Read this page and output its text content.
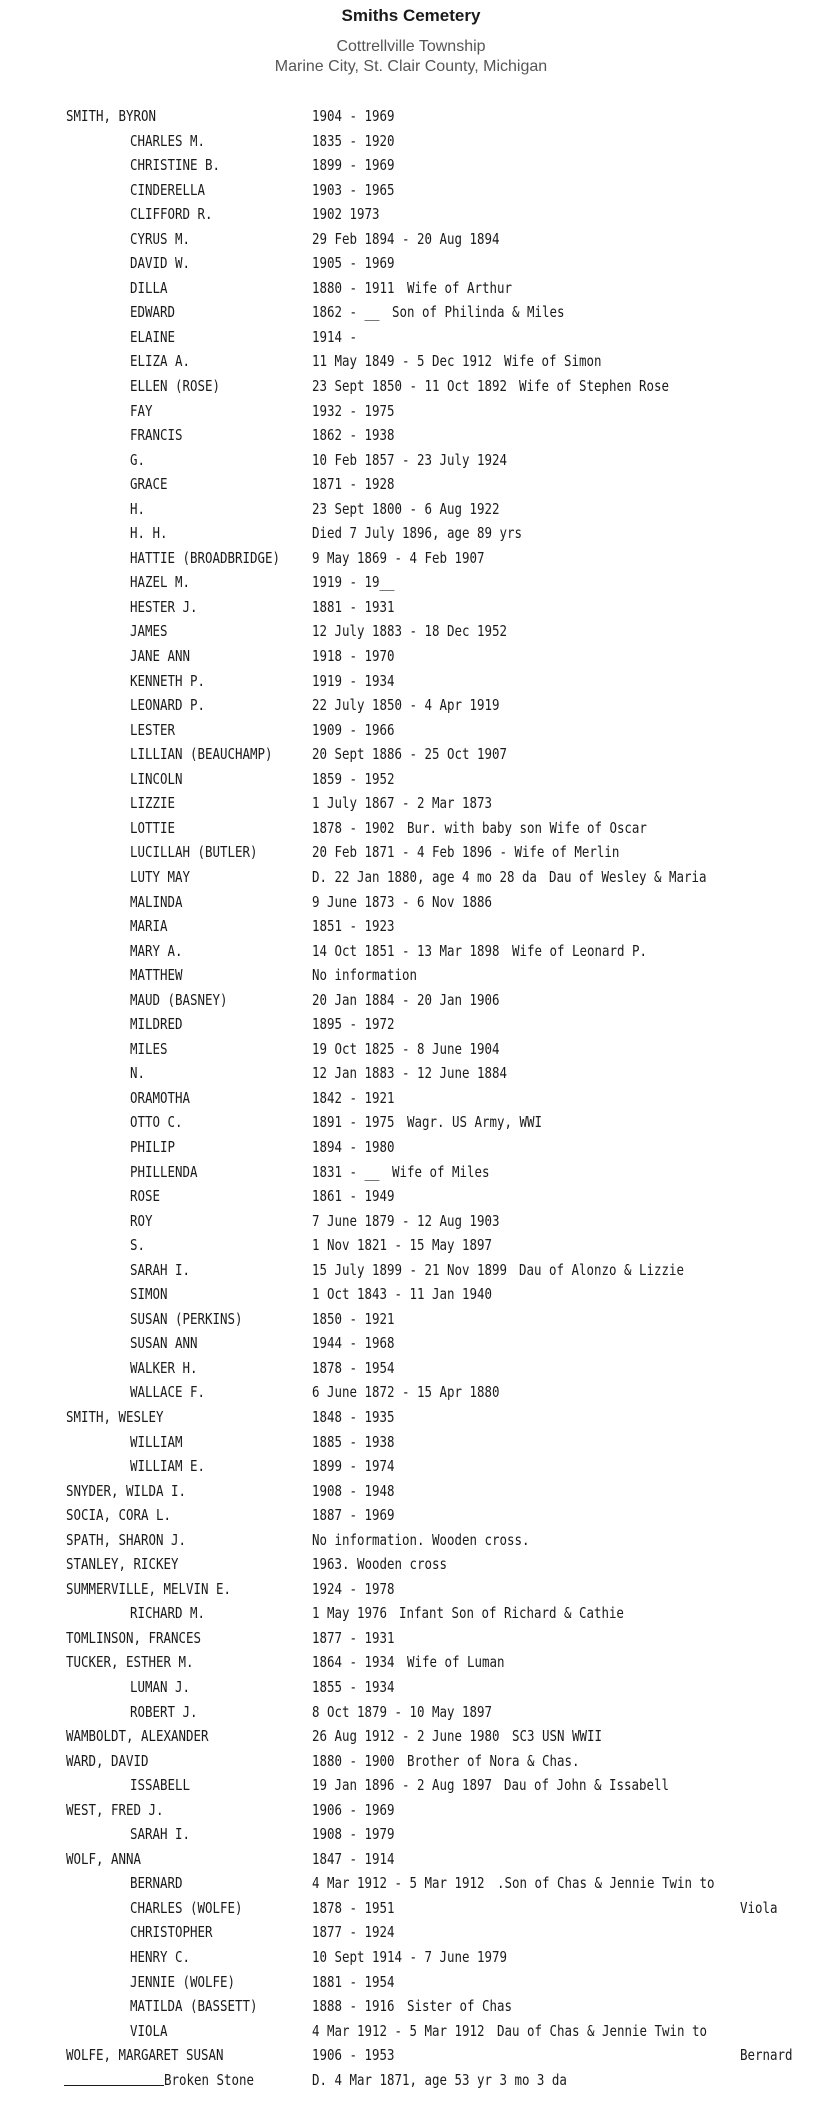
Smiths Cemetery
Cottrellville Township
Marine City, St. Clair County, Michigan
SMITH, BYRON	1904 - 1969
CHARLES M.	1835 - 1920
CHRISTINE B.	1899 - 1969
CINDERELLA	1903 - 1965
CLIFFORD R.	1902 1973
CYRUS M.	29 Feb 1894 - 20 Aug 1894
DAVID W.	1905 - 1969
DILLA	1880 - 1911 Wife of Arthur
EDWARD	1862 - __ Son of Philinda & Miles
ELAINE	1914 -
ELIZA A.	11 May 1849 - 5 Dec 1912 Wife of Simon
ELLEN (ROSE)	23 Sept 1850 - 11 Oct 1892 Wife of Stephen Rose
FAY	1932 - 1975
FRANCIS	1862 - 1938
G.	10 Feb 1857 - 23 July 1924
GRACE	1871 - 1928
H.	23 Sept 1800 - 6 Aug 1922
H. H.	Died 7 July 1896, age 89 yrs
HATTIE (BROADBRIDGE) 9 May 1869 - 4 Feb 1907
HAZEL M.	1919 - 19__
HESTER J.	1881 - 1931
JAMES	12 July 1883 - 18 Dec 1952
JANE ANN	1918 - 1970
KENNETH P.	1919 - 1934
LEONARD P.	22 July 1850 - 4 Apr 1919
LESTER	1909 - 1966
LILLIAN (BEAUCHAMP)	20 Sept 1886 - 25 Oct 1907
LINCOLN	1859 - 1952
LIZZIE	1 July 1867 - 2 Mar 1873
LOTTIE	1878 - 1902 Bur. with baby son Wife of Oscar
LUCILLAH (BUTLER)	20 Feb 1871 - 4 Feb 1896 - Wife of Merlin
LUTY MAY	D. 22 Jan 1880, age 4 mo 28 da Dau of Wesley & Maria
MALINDA	9 June 1873 - 6 Nov 1886
MARIA	1851 - 1923
MARY A.	14 Oct 1851 - 13 Mar 1898 Wife of Leonard P.
MATTHEW	No information
MAUD (BASNEY)	20 Jan 1884 - 20 Jan 1906
MILDRED	1895 - 1972
MILES	19 Oct 1825 - 8 June 1904
N.	12 Jan 1883 - 12 June 1884
ORAMOTHA	1842 - 1921
OTTO C.	1891 - 1975 Wagr. US Army, WWI
PHILIP	1894 - 1980
PHILLENDA	1831 - __ Wife of Miles
ROSE	1861 - 1949
ROY	7 June 1879 - 12 Aug 1903
S.	1 Nov 1821 - 15 May 1897
SARAH I.	15 July 1899 - 21 Nov 1899 Dau of Alonzo & Lizzie
SIMON	1 Oct 1843 - 11 Jan 1940
SUSAN (PERKINS)	1850 - 1921
SUSAN ANN	1944 - 1968
WALKER H.	1878 - 1954
WALLACE F.	6 June 1872 - 15 Apr 1880
SMITH, WESLEY	1848 - 1935
WILLIAM	1885 - 1938
WILLIAM E.	1899 - 1974
SNYDER, WILDA I.	1908 - 1948
SOCIA, CORA L.	1887 - 1969
SPATH, SHARON J.	No information. Wooden cross.
STANLEY, RICKEY	1963. Wooden cross
SUMMERVILLE, MELVIN E.	1924 - 1978
RICHARD M.	1 May 1976 Infant Son of Richard & Cathie
TOMLINSON, FRANCES	1877 - 1931
TUCKER, ESTHER M.	1864 - 1934 Wife of Luman
LUMAN J.	1855 - 1934
ROBERT J.	8 Oct 1879 - 10 May 1897
WAMBOLDT, ALEXANDER	26 Aug 1912 - 2 June 1980 SC3 USN WWII
WARD, DAVID	1880 - 1900 Brother of Nora & Chas.
ISSABELL	19 Jan 1896 - 2 Aug 1897 Dau of John & Issabell
WEST, FRED J.	1906 - 1969
SARAH I.	1908 - 1979
WOLF, ANNA	1847 - 1914
BERNARD	4 Mar 1912 - 5 Mar 1912 .Son of Chas & Jennie Twin to
CHARLES (WOLFE)	1878 - 1951	Viola
CHRISTOPHER	1877 - 1924
HENRY C.	10 Sept 1914 - 7 June 1979
JENNIE (WOLFE)	1881 - 1954
MATILDA (BASSETT)	1888 - 1916 Sister of Chas
VIOLA	4 Mar 1912 - 5 Mar 1912 Dau of Chas & Jennie Twin to
WOLFE, MARGARET SUSAN	1906 - 1953	Bernard
Broken Stone	D. 4 Mar 1871, age 53 yr 3 mo 3 da
